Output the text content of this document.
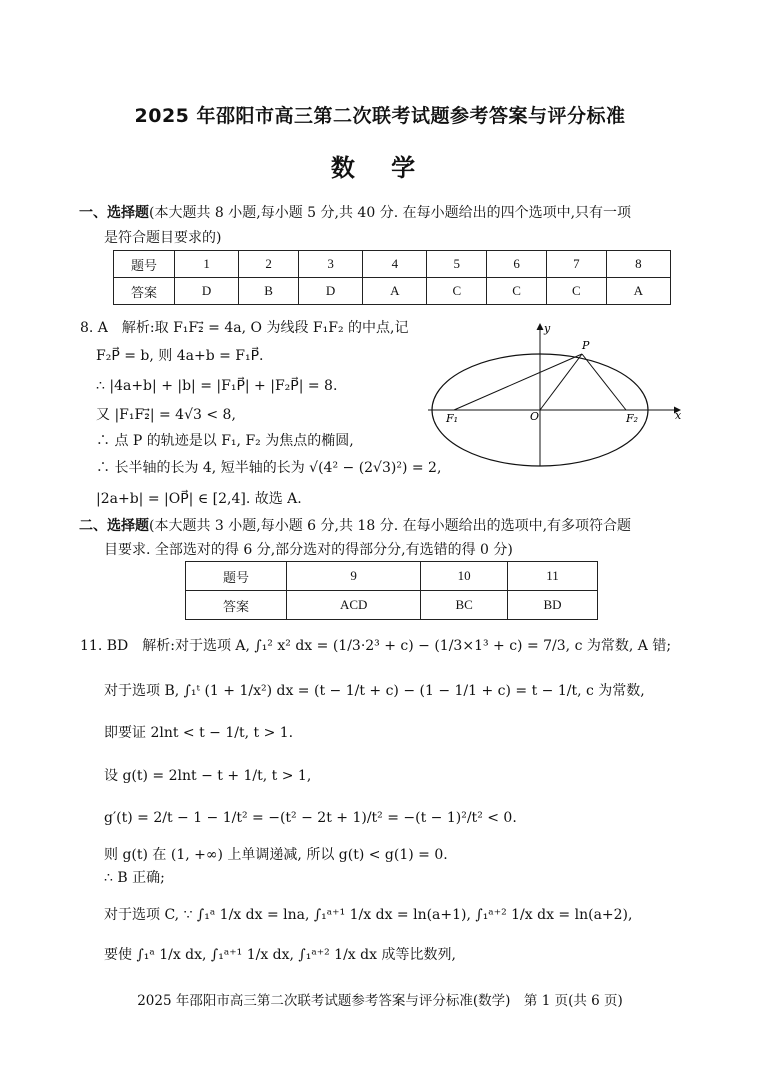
2025 年邵阳市高三第二次联考试题参考答案与评分标准
数 学
一、选择题(本大题共 8 小题,每小题 5 分,共 40 分. 在每小题给出的四个选项中,只有一项
是符合题目要求的)
题号	1	2	3	4	5	6	7	8
答案	D	B	D	A	C	C	C	A
8. A　解析:取 F₁F₂⃗ = 4a, O 为线段 F₁F₂ 的中点,记
F₂P⃗ = b, 则 4a+b = F₁P⃗.
∴ |4a+b| + |b| = |F₁P⃗| + |F₂P⃗| = 8.
又 |F₁F₂⃗| = 4√3 < 8,
∴ 点 P 的轨迹是以 F₁, F₂ 为焦点的椭圆,
∴ 长半轴的长为 4, 短半轴的长为 √(4² − (2√3)²) = 2,
|2a+b| = |OP⃗| ∈ [2,4]. 故选 A.
y
x
P
O
F₁	F₂
二、选择题(本大题共 3 小题,每小题 6 分,共 18 分. 在每小题给出的选项中,有多项符合题
目要求. 全部选对的得 6 分,部分选对的得部分分,有选错的得 0 分)
题号	9	10	11
答案	ACD	BC	BD
11. BD　解析:对于选项 A, ∫₁² x² dx = (1/3·2³ + c) − (1/3×1³ + c) = 7/3, c 为常数, A 错;
对于选项 B, ∫₁ᵗ (1 + 1/x²) dx = (t − 1/t + c) − (1 − 1/1 + c) = t − 1/t, c 为常数,
即要证 2lnt < t − 1/t, t > 1.
设 g(t) = 2lnt − t + 1/t, t > 1,
g′(t) = 2/t − 1 − 1/t² = −(t² − 2t + 1)/t² = −(t − 1)²/t² < 0.
则 g(t) 在 (1, +∞) 上单调递减, 所以 g(t) < g(1) = 0.
∴ B 正确;
对于选项 C, ∵ ∫₁ᵃ 1/x dx = lna, ∫₁ᵃ⁺¹ 1/x dx = ln(a+1), ∫₁ᵃ⁺² 1/x dx = ln(a+2),
要使 ∫₁ᵃ 1/x dx, ∫₁ᵃ⁺¹ 1/x dx, ∫₁ᵃ⁺² 1/x dx 成等比数列,
2025 年邵阳市高三第二次联考试题参考答案与评分标准(数学)　第 1 页(共 6 页)
